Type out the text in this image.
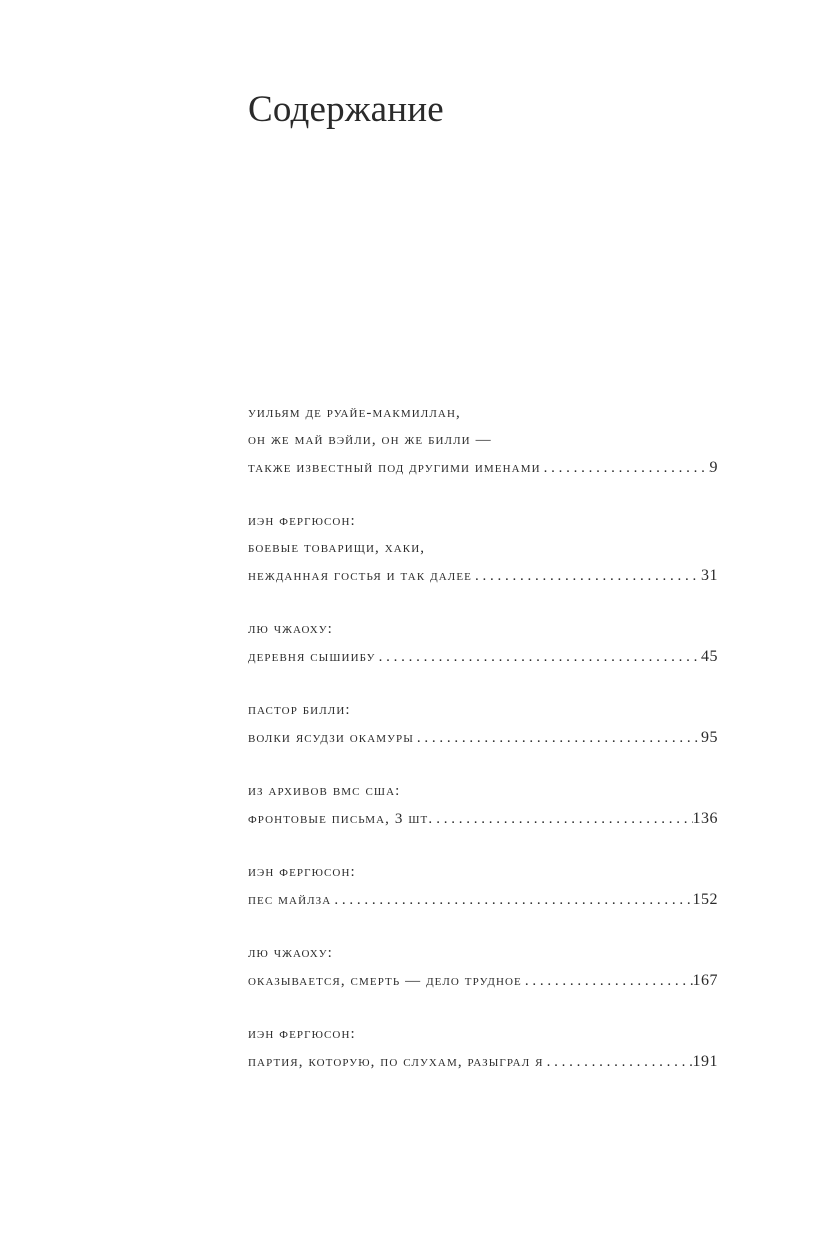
Содержание
уильям де руайе-макмиллан,
он же май вэйли, он же билли —
также известный под другими именами . . .	9
иэн фергюсон:
боевые товарищи, хаки,
нежданная гостья и так далее . . .	31
лю чжаоху:
деревня сышиибу . . .	45
пастор билли:
волки ясудзи окамуры . . .	95
из архивов вмс сша:
фронтовые письма, 3 шт. . . .	136
иэн фергюсон:
пес майлза . . .	152
лю чжаоху:
оказывается, смерть — дело трудное . . .	167
иэн фергюсон:
партия, которую, по слухам, разыграл я . . .	191
